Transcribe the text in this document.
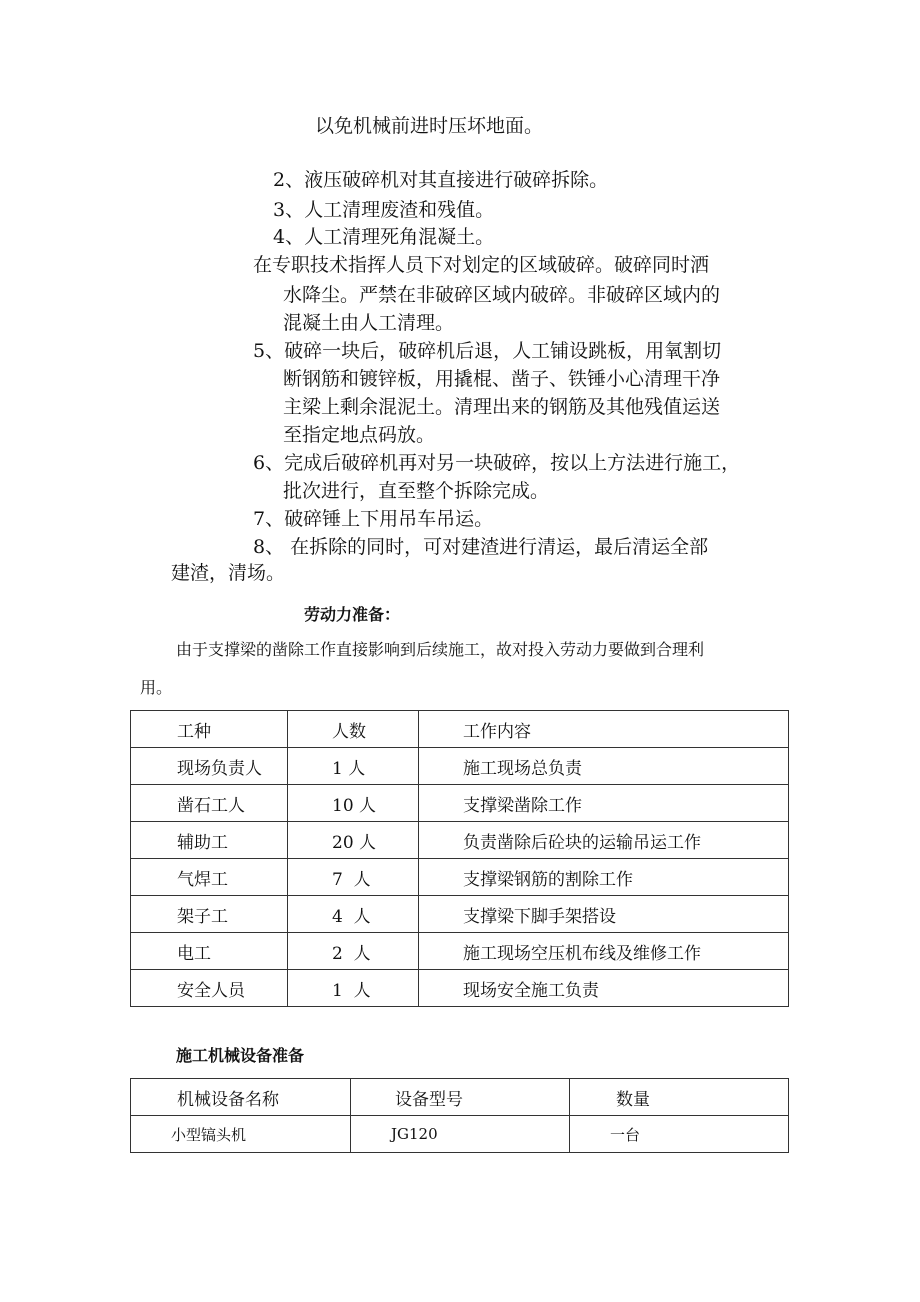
以免机械前进时压坏地面。
2、液压破碎机对其直接进行破碎拆除。
3、人工清理废渣和残值。
4、人工清理死角混凝土。
在专职技术指挥人员下对划定的区域破碎。破碎同时洒
水降尘。严禁在非破碎区域内破碎。非破碎区域内的
混凝土由人工清理。
5、破碎一块后，破碎机后退，人工铺设跳板，用氧割切
断钢筋和镀锌板，用撬棍、凿子、铁锤小心清理干净
主梁上剩余混泥土。清理出来的钢筋及其他残值运送
至指定地点码放。
6、完成后破碎机再对另一块破碎，按以上方法进行施工，
批次进行，直至整个拆除完成。
7、破碎锤上下用吊车吊运。
8、 在拆除的同时，可对建渣进行清运，最后清运全部
建渣，清场。
劳动力准备：
由于支撑梁的凿除工作直接影响到后续施工，故对投入劳动力要做到合理利
用。
工种	人数	工作内容
现场负责人	1 人	施工现场总负责
凿石工人	10 人	支撑梁凿除工作
辅助工	20 人	负责凿除后砼块的运输吊运工作
气焊工	7  人	支撑梁钢筋的割除工作
架子工	4  人	支撑梁下脚手架搭设
电工	2  人	施工现场空压机布线及维修工作
安全人员	1  人	现场安全施工负责
施工机械设备准备
机械设备名称	设备型号	数量
小型镐头机	JG120	一台
